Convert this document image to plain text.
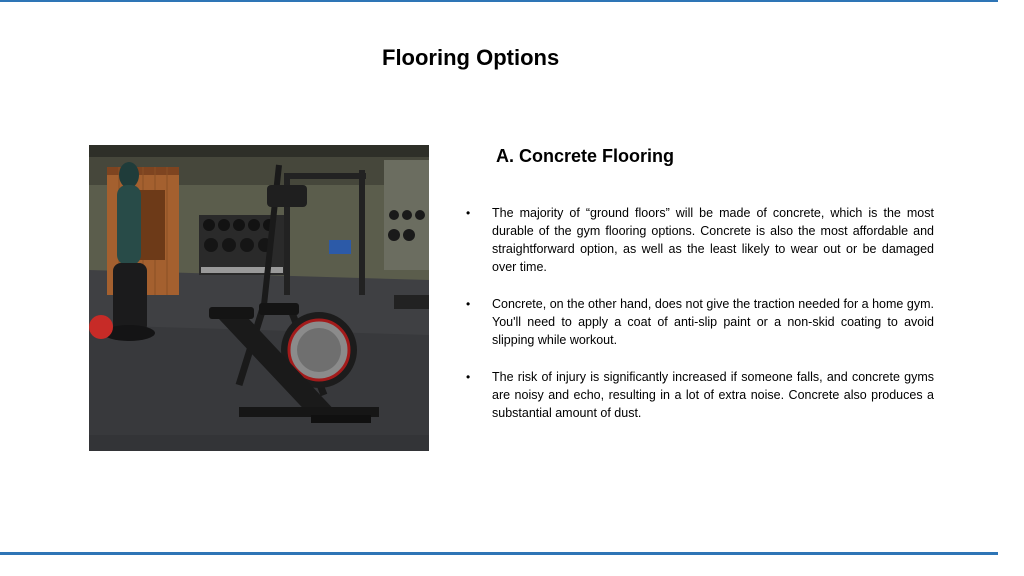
Flooring Options
A. Concrete Flooring
•	The majority of “ground floors” will be made of concrete, which is the most durable of the gym flooring options. Concrete is also the most affordable and straightforward option, as well as the least likely to wear out or be damaged over time.
•	Concrete, on the other hand, does not give the traction needed for a home gym. You'll need to apply a coat of anti-slip paint or a non-skid coating to avoid slipping while workout.
•	The risk of injury is significantly increased if someone falls, and concrete gyms are noisy and echo, resulting in a lot of extra noise. Concrete also produces a substantial amount of dust.
